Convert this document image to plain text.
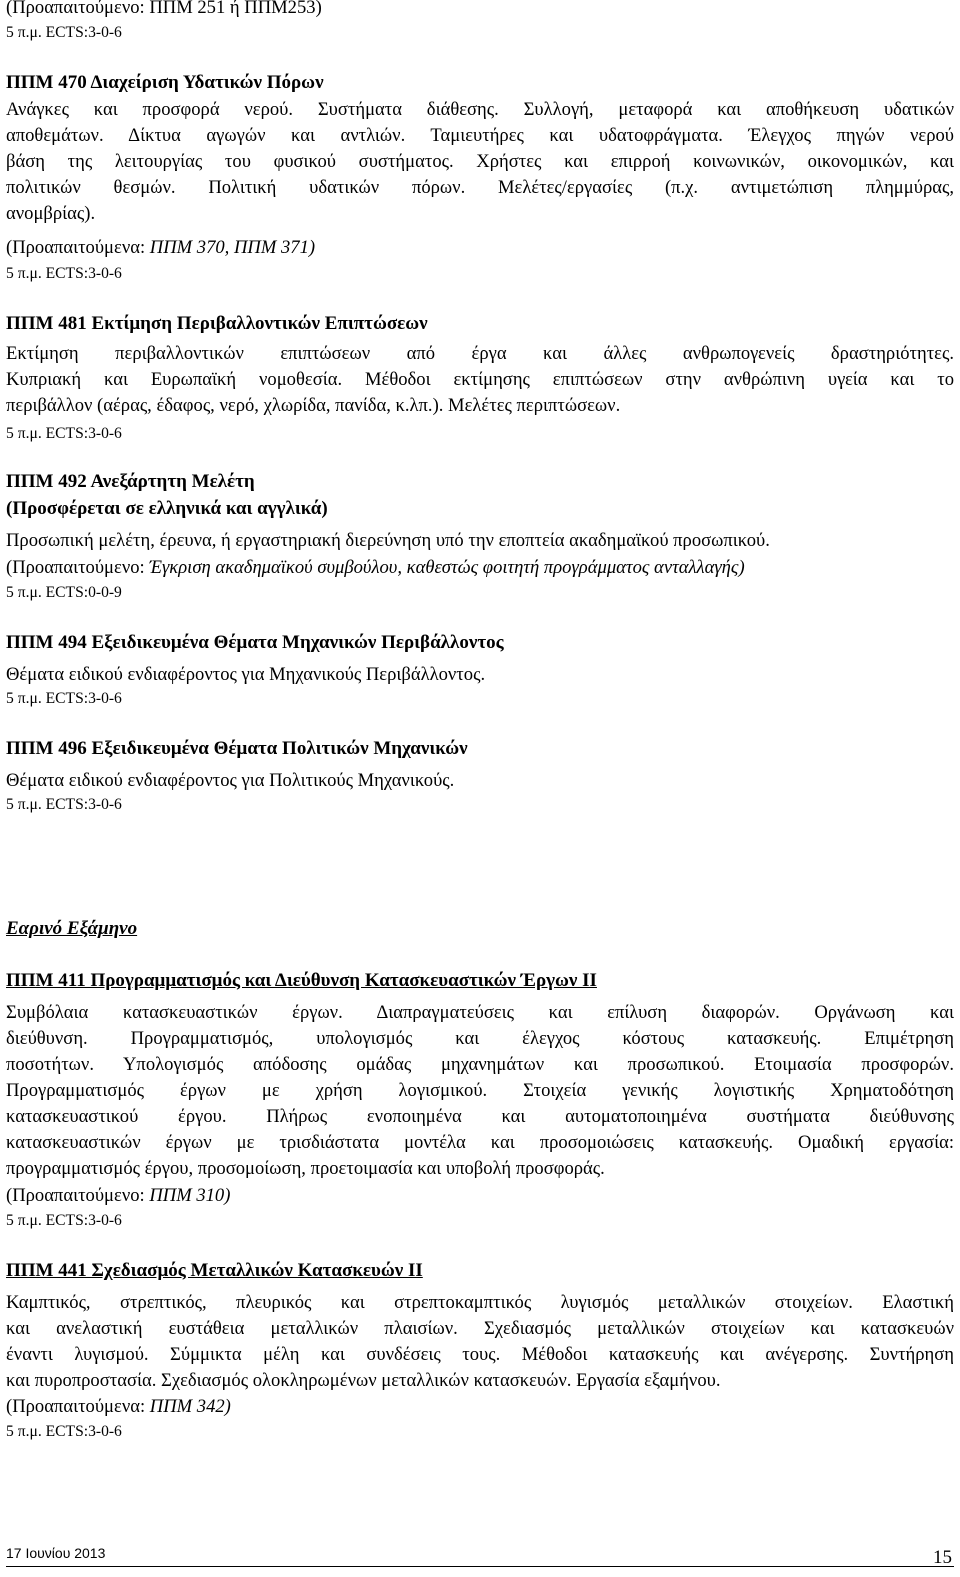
(Προαπαιτούμενο: ΠΠΜ 251 ή ΠΠΜ253)
5 π.μ. ECTS:3-0-6
ΠΠΜ 470 Διαχείριση Υδατικών Πόρων
Ανάγκες και προσφορά νερού. Συστήματα διάθεσης. Συλλογή, μεταφορά και αποθήκευση υδατικών
αποθεμάτων. Δίκτυα αγωγών και αντλιών. Ταμιευτήρες και υδατοφράγματα. Έλεγχος πηγών νερού
βάση της λειτουργίας του φυσικού συστήματος. Χρήστες και επιρροή κοινωνικών, οικονομικών, και
πολιτικών θεσμών. Πολιτική υδατικών πόρων. Μελέτες/εργασίες (π.χ. αντιμετώπιση πλημμύρας,
ανομβρίας).
(Προαπαιτούμενα: ΠΠΜ 370, ΠΠΜ 371)
5 π.μ. ECTS:3-0-6
ΠΠΜ 481 Εκτίμηση Περιβαλλοντικών Επιπτώσεων
Εκτίμηση περιβαλλοντικών επιπτώσεων από έργα και άλλες ανθρωπογενείς δραστηριότητες.
Κυπριακή και Ευρωπαϊκή νομοθεσία. Μέθοδοι εκτίμησης επιπτώσεων στην ανθρώπινη υγεία και το
περιβάλλον (αέρας, έδαφος, νερό, χλωρίδα, πανίδα, κ.λπ.). Μελέτες περιπτώσεων.
5 π.μ. ECTS:3-0-6
ΠΠΜ 492 Ανεξάρτητη Μελέτη
(Προσφέρεται σε ελληνικά και αγγλικά)
Προσωπική μελέτη, έρευνα, ή εργαστηριακή διερεύνηση υπό την εποπτεία ακαδημαϊκού προσωπικού.
(Προαπαιτούμενο: Έγκριση ακαδημαϊκού συμβούλου, καθεστώς φοιτητή προγράμματος ανταλλαγής)
5 π.μ. ECTS:0-0-9
ΠΠΜ 494 Εξειδικευμένα Θέματα Μηχανικών Περιβάλλοντος
Θέματα ειδικού ενδιαφέροντος για Μηχανικούς Περιβάλλοντος.
5 π.μ. ECTS:3-0-6
ΠΠΜ 496 Εξειδικευμένα Θέματα Πολιτικών Μηχανικών
Θέματα ειδικού ενδιαφέροντος για Πολιτικούς Μηχανικούς.
5 π.μ. ECTS:3-0-6
Εαρινό Εξάμηνο
ΠΠΜ 411 Προγραμματισμός και Διεύθυνση Κατασκευαστικών Έργων ΙΙ
Συμβόλαια κατασκευαστικών έργων. Διαπραγματεύσεις και επίλυση διαφορών. Οργάνωση και
διεύθυνση. Προγραμματισμός, υπολογισμός και έλεγχος κόστους κατασκευής. Επιμέτρηση
ποσοτήτων. Υπολογισμός απόδοσης ομάδας μηχανημάτων και προσωπικού. Ετοιμασία προσφορών.
Προγραμματισμός έργων με χρήση λογισμικού. Στοιχεία γενικής λογιστικής Χρηματοδότηση
κατασκευαστικού έργου. Πλήρως ενοποιημένα και αυτοματοποιημένα συστήματα διεύθυνσης
κατασκευαστικών έργων με τρισδιάστατα μοντέλα και προσομοιώσεις κατασκευής. Ομαδική εργασία:
προγραμματισμός έργου, προσομοίωση, προετοιμασία και υποβολή προσφοράς.
(Προαπαιτούμενο: ΠΠΜ 310)
5 π.μ. ECTS:3-0-6
ΠΠΜ 441 Σχεδιασμός Μεταλλικών Κατασκευών ΙΙ
Καμπτικός, στρεπτικός, πλευρικός και στρεπτοκαμπτικός λυγισμός μεταλλικών στοιχείων. Ελαστική
και ανελαστική ευστάθεια μεταλλικών πλαισίων. Σχεδιασμός μεταλλικών στοιχείων και κατασκευών
έναντι λυγισμού. Σύμμικτα μέλη και συνδέσεις τους. Μέθοδοι κατασκευής και ανέγερσης. Συντήρηση
και πυροπροστασία. Σχεδιασμός ολοκληρωμένων μεταλλικών κατασκευών. Εργασία εξαμήνου.
(Προαπαιτούμενα: ΠΠΜ 342)
5 π.μ. ECTS:3-0-6
17 Ιουνίου 2013	15
